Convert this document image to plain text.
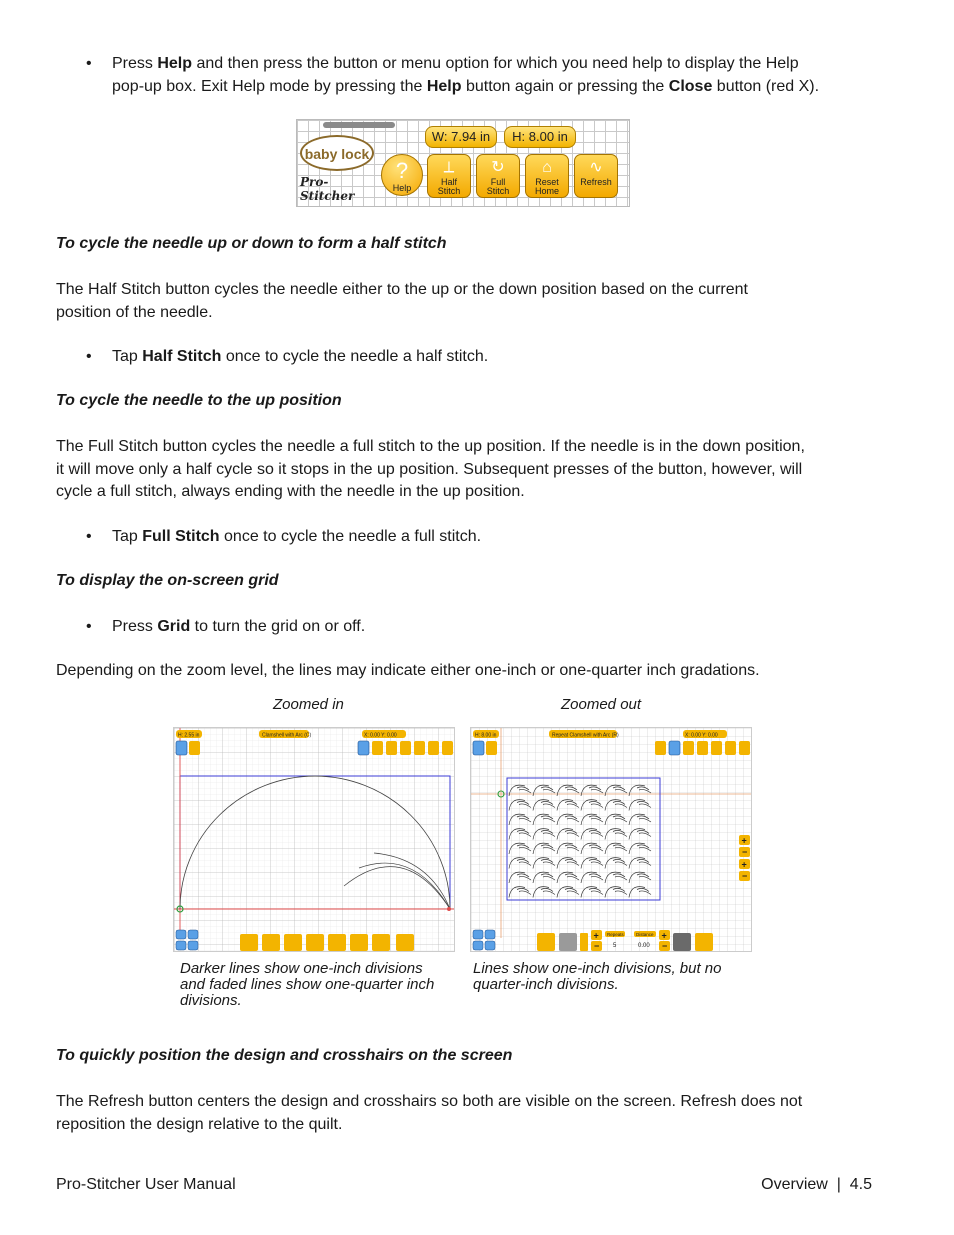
• Press Help and then press the button or menu option for which you need help to display the Help
pop-up box. Exit Help mode by pressing the Help button again or pressing the Close button (red X).
baby lock
Pro-Stitcher
W: 7.94 in	H: 8.00 in
?
Help
⟂
Half
Stitch
↻
Full
Stitch
⌂
Reset
Home
∿
Refresh
To cycle the needle up or down to form a half stitch
The Half Stitch button cycles the needle either to the up or the down position based on the current
position of the needle.
• Tap Half Stitch once to cycle the needle a half stitch.
To cycle the needle to the up position
The Full Stitch button cycles the needle a full stitch to the up position. If the needle is in the down position,
it will move only a half cycle so it stops in the up position. Subsequent presses of the button, however, will
cycle a full stitch, always ending with the needle in the up position.
• Tap Full Stitch once to cycle the needle a full stitch.
To display the on-screen grid
• Press Grid to turn the grid on or off.
Depending on the zoom level, the lines may indicate either one-inch or one-quarter inch gradations.
Zoomed in	Zoomed out
H: 2.55 in	Clamshell with Arc (C)	X: 0.00 Y: 0.00	H: 8.00 in	Repeat Clamshell with Arc (R)	X: 0.00 Y: 0.00
+
−
+
−
+
−
Repeats
5
Distance
0.00
+
−
Darker lines show one-inch divisions
and faded lines show one-quarter inch
divisions.
Lines show one-inch divisions, but no
quarter-inch divisions.
To quickly position the design and crosshairs on the screen
The Refresh button centers the design and crosshairs so both are visible on the screen. Refresh does not
reposition the design relative to the quilt.
Pro-Stitcher User Manual	Overview  |  4.5
